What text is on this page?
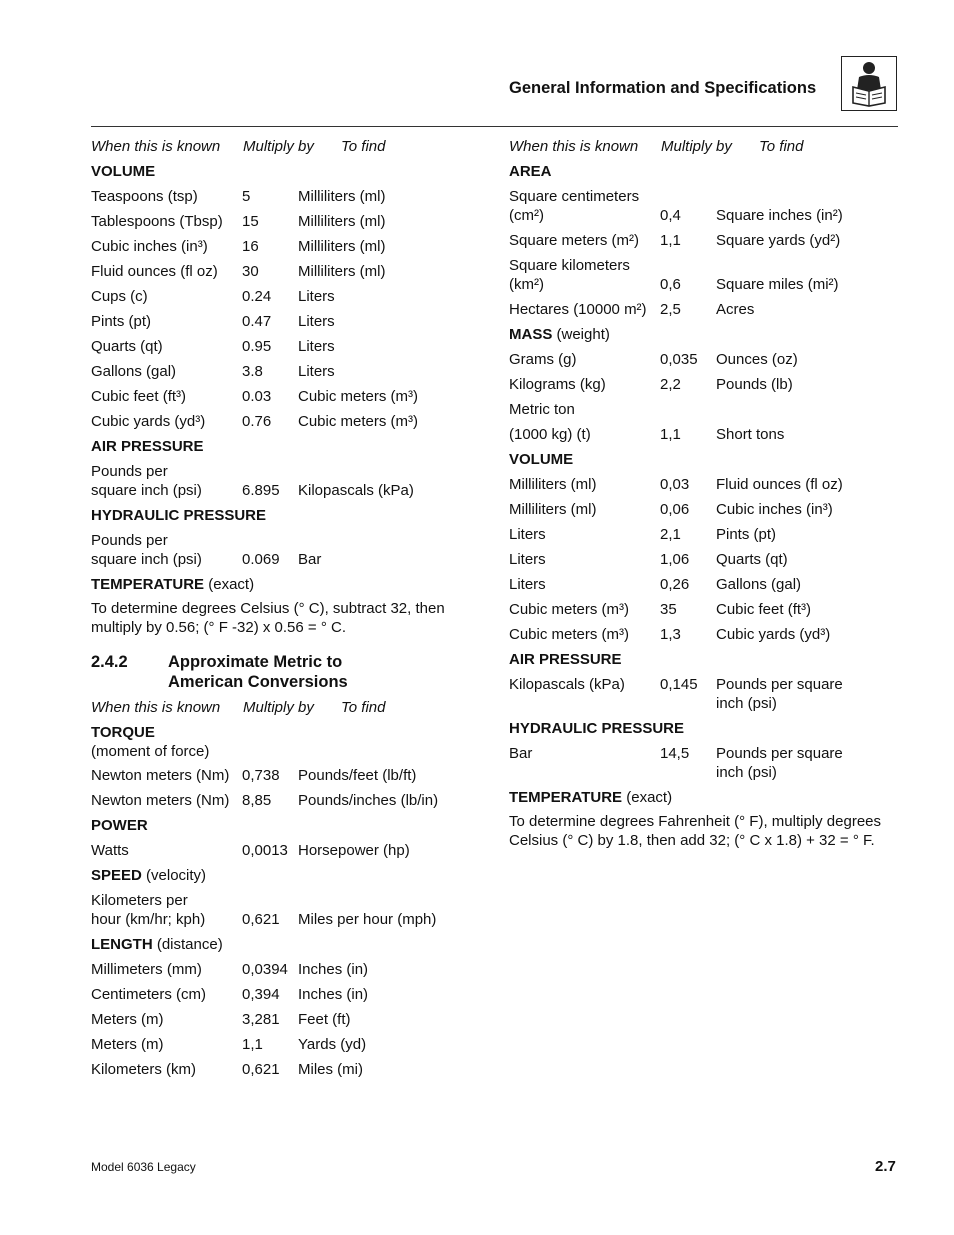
General Information and Specifications
When this is known	Multiply by	To find
VOLUME
Teaspoons (tsp)	5	Milliliters (ml)
Tablespoons (Tbsp)	15	Milliliters (ml)
Cubic inches (in³)	16	Milliliters (ml)
Fluid ounces (fl oz)	30	Milliliters (ml)
Cups (c)	0.24	Liters
Pints (pt)	0.47	Liters
Quarts (qt)	0.95	Liters
Gallons (gal)	3.8	Liters
Cubic feet (ft³)	0.03	Cubic meters (m³)
Cubic yards (yd³)	0.76	Cubic meters (m³)
AIR PRESSURE
Pounds per
square inch (psi)	6.895	Kilopascals (kPa)
HYDRAULIC PRESSURE
Pounds per
square inch (psi)	0.069	Bar
TEMPERATURE (exact)
To determine degrees Celsius (° C), subtract 32, then multiply by 0.56; (° F -32) x 0.56 = ° C.
2.4.2	Approximate Metric to
American Conversions
When this is known	Multiply by	To find
TORQUE
(moment of force)
Newton meters (Nm) 0,738	Pounds/feet (lb/ft)
Newton meters (Nm) 8,85	Pounds/inches (lb/in)
POWER
Watts	0,0013 Horsepower (hp)
SPEED (velocity)
Kilometers per
hour (km/hr; kph)	0,621	Miles per hour (mph)
LENGTH (distance)
Millimeters (mm)	0,0394 Inches (in)
Centimeters (cm)	0,394	Inches (in)
Meters (m)	3,281	Feet (ft)
Meters (m)	1,1	Yards (yd)
Kilometers (km)	0,621	Miles (mi)
When this is known	Multiply by	To find
AREA
Square centimeters
(cm²)	0,4	Square inches (in²)
Square meters (m²)	1,1	Square yards (yd²)
Square kilometers
(km²)	0,6	Square miles (mi²)
Hectares (10000 m²) 2,5	Acres
MASS (weight)
Grams (g)	0,035	Ounces (oz)
Kilograms (kg)	2,2	Pounds (lb)
Metric ton
(1000 kg) (t)	1,1	Short tons
VOLUME
Milliliters (ml)	0,03	Fluid ounces (fl oz)
Milliliters (ml)	0,06	Cubic inches (in³)
Liters	2,1	Pints (pt)
Liters	1,06	Quarts (qt)
Liters	0,26	Gallons (gal)
Cubic meters (m³)	35	Cubic feet (ft³)
Cubic meters (m³)	1,3	Cubic yards (yd³)
AIR PRESSURE
Kilopascals (kPa)	0,145	Pounds per square
inch (psi)
HYDRAULIC PRESSURE
Bar	14,5	Pounds per square
inch (psi)
TEMPERATURE (exact)
To determine degrees Fahrenheit (° F), multiply degrees Celsius (° C) by 1.8, then add 32; (° C x 1.8) + 32 = ° F.
Model 6036 Legacy	2.7
